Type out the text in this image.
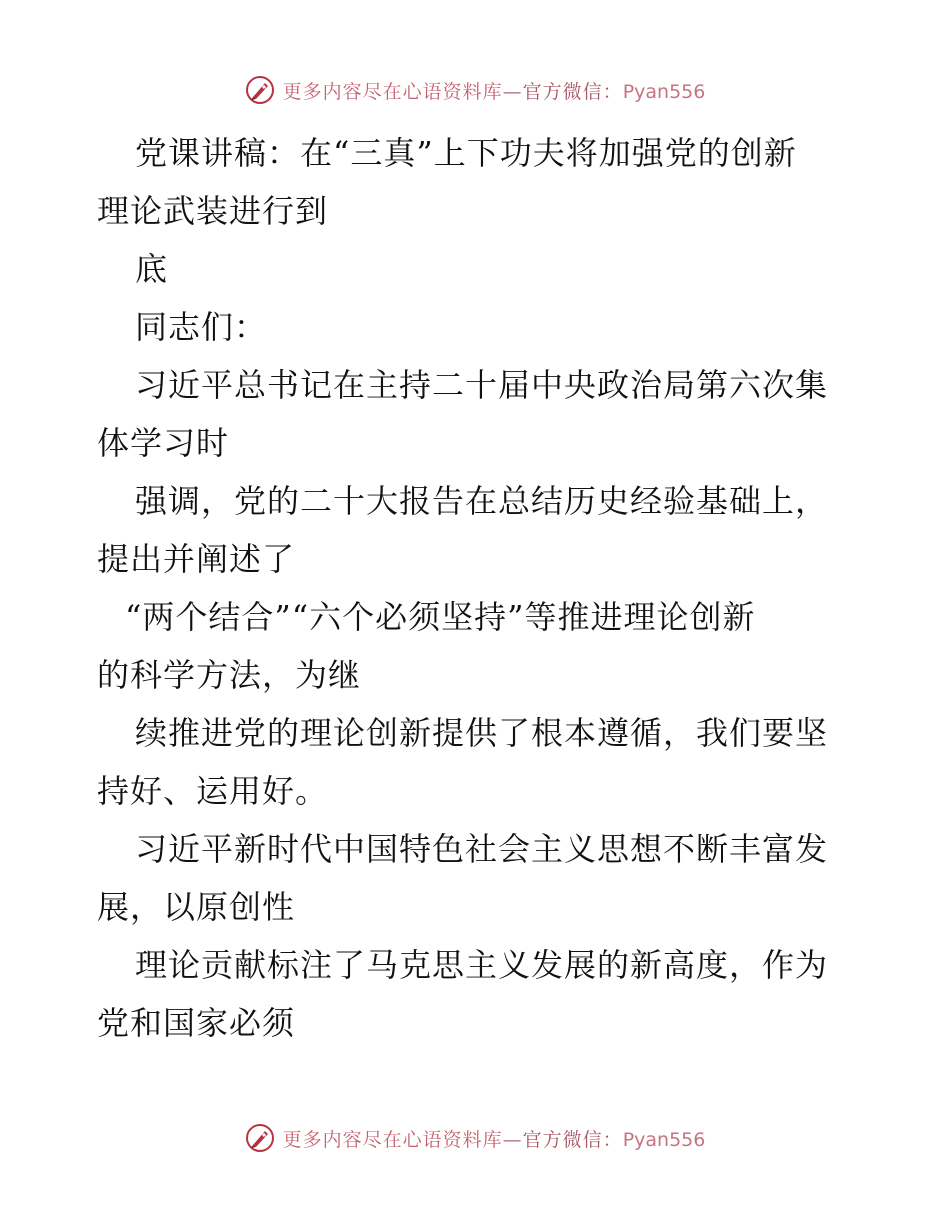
更多内容尽在心语资料库—官方微信：Pyan556
党课讲稿：在“三真”上下功夫将加强党的创新
理论武装进行到
底
同志们：
习近平总书记在主持二十届中央政治局第六次集
体学习时
强调，党的二十大报告在总结历史经验基础上，
提出并阐述了
“两个结合”“六个必须坚持”等推进理论创新
的科学方法，为继
续推进党的理论创新提供了根本遵循，我们要坚
持好、运用好。
习近平新时代中国特色社会主义思想不断丰富发
展，以原创性
理论贡献标注了马克思主义发展的新高度，作为
党和国家必须
更多内容尽在心语资料库—官方微信：Pyan556
